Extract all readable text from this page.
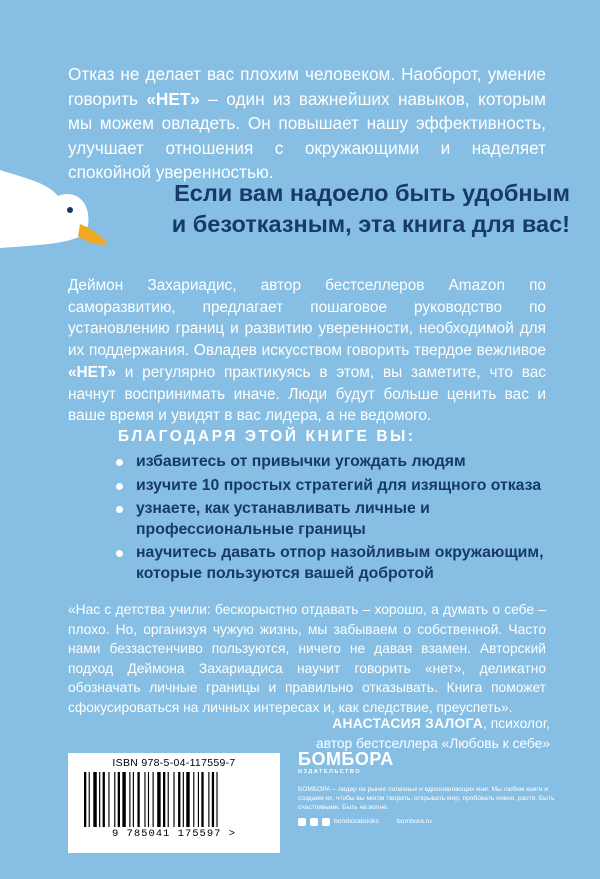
Отказ не делает вас плохим человеком. Наоборот, умение говорить «НЕТ» – один из важнейших навыков, которым мы можем овладеть. Он повышает нашу эффективность, улучшает отношения с окружающими и наделяет спокойной уверенностью.
Если вам надоело быть удобным
и безотказным, эта книга для вас!
Деймон Захариадис, автор бестселлеров Amazon по саморазвитию, предлагает пошаговое руководство по установлению границ и развитию уверенности, необходимой для их поддержания. Овладев искусством говорить твердое вежливое «НЕТ» и регулярно практикуясь в этом, вы заметите, что вас начнут воспринимать иначе. Люди будут больше ценить вас и ваше время и увидят в вас лидера, а не ведомого.
БЛАГОДАРЯ ЭТОЙ КНИГЕ ВЫ:
избавитесь от привычки угождать людям
изучите 10 простых стратегий для изящного отказа
узнаете, как устанавливать личные и профессиональные границы
научитесь давать отпор назойливым окружающим, которые пользуются вашей добротой
«Нас с детства учили: бескорыстно отдавать – хорошо, а думать о себе – плохо. Но, организуя чужую жизнь, мы забываем о собственной. Часто нами беззастенчиво пользуются, ничего не давая взамен. Авторский подход Деймона Захариадиса научит говорить «нет», деликатно обозначать личные границы и правильно отказывать. Книга поможет сфокусироваться на личных интересах и, как следствие, преуспеть».
АНАСТАСИЯ ЗАЛОГА, психолог,
автор бестселлера «Любовь к себе»
ISBN 978-5-04-117559-7
9 785041 175597 >
БОМБОРА
ИЗДАТЕЛЬСТВО
БОМБОРА – лидер на рынке полезных и вдохновляющих книг. Мы любим книги и создаем их, чтобы вы могли творить, открывать мир, пробовать новое, расти. Быть счастливыми. Быть на волне.
bomborabooks	bombora.ru
